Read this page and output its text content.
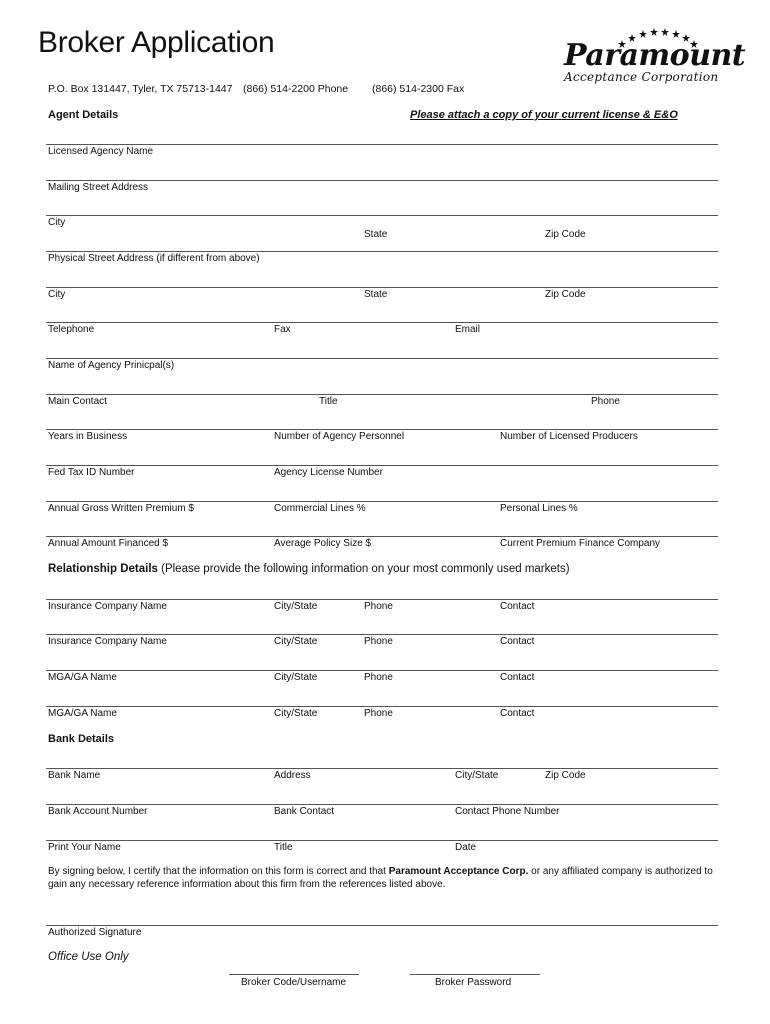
Broker Application
P.O. Box 131447, Tyler, TX 75713-1447 (866) 514-2200 Phone (866) 514-2300 Fax
Paramount
Acceptance Corporation
Agent Details	Please attach a copy of your current license & E&O
Licensed Agency Name
Mailing Street Address
City
State	Zip Code
Physical Street Address (if different from above)
City	State	Zip Code
Telephone	Fax	Email
Name of Agency Prinicpal(s)
Main Contact	Title	Phone
Years in Business	Number of Agency Personnel	Number of Licensed Producers
Fed Tax ID Number	Agency License Number
Annual Gross Written Premium $	Commercial Lines %	Personal Lines %
Annual Amount Financed $	Average Policy Size $	Current Premium Finance Company
Relationship Details (Please provide the following information on your most commonly used markets)
Insurance Company Name	City/State	Phone	Contact
Insurance Company Name	City/State	Phone	Contact
MGA/GA Name	City/State	Phone	Contact
MGA/GA Name	City/State	Phone	Contact
Bank Details
Bank Name	Address	City/State	Zip Code
Bank Account Number	Bank Contact	Contact Phone Number
Print Your Name	Title	Date
By signing below, I certify that the information on this form is correct and that Paramount Acceptance Corp. or any affiliated company is authorized to gain any necessary reference information about this firm from the references listed above.
Authorized Signature
Office Use Only
Broker Code/Username	Broker Password
